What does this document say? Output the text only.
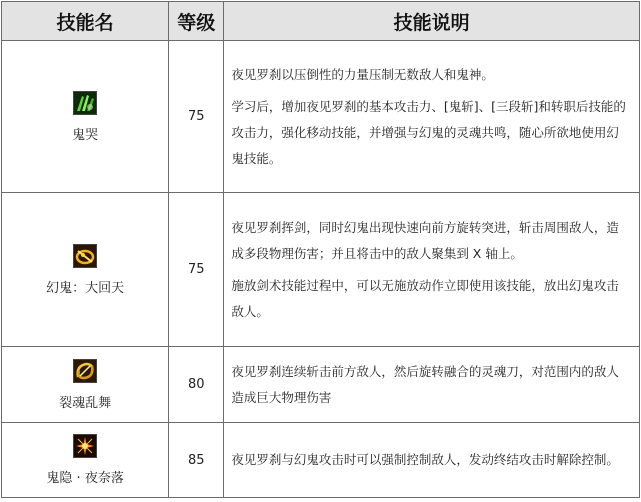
技能名	等级	技能说明

鬼哭	75	夜见罗刹以压倒性的力量压制无数敌人和鬼神。

学习后，增加夜见罗刹的基本攻击力、[鬼斩]、[三段斩]和转职后技能的攻击力，强化移动技能，并增强与幻鬼的灵魂共鸣，随心所欲地使用幻鬼技能。

幻鬼：大回天	75	夜见罗刹挥剑，同时幻鬼出现快速向前方旋转突进，斩击周围敌人，造成多段物理伤害；并且将击中的敌人聚集到 X 轴上。

施放剑术技能过程中，可以无施放动作立即使用该技能，放出幻鬼攻击敌人。

裂魂乱舞	80	夜见罗刹连续斩击前方敌人，然后旋转融合的灵魂刀，对范围内的敌人造成巨大物理伤害

鬼隐 · 夜奈落	85	夜见罗刹与幻鬼攻击时可以强制控制敌人，发动终结攻击时解除控制。
